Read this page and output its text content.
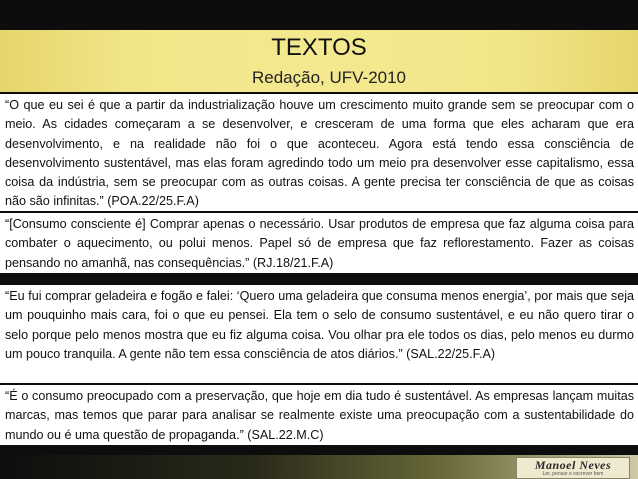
TEXTOS
Redação, UFV-2010
“O que eu sei é que a partir da industrialização houve um crescimento muito grande sem se preocupar com o meio. As cidades começaram a se desenvolver, e cresceram de uma forma que eles acharam que era desenvolvimento, e na realidade não foi o que aconteceu. Agora está tendo essa consciência de desenvolvimento sustentável, mas elas foram agredindo todo um meio pra desenvolver esse capitalismo, essa coisa da indústria, sem se preocupar com as outras coisas. A gente precisa ter consciência de que as coisas não são infinitas.” (POA.22/25.F.A)
“[Consumo consciente é] Comprar apenas o necessário. Usar produtos de empresa que faz alguma coisa para combater o aquecimento, ou polui menos. Papel só de empresa que faz reflorestamento. Fazer as coisas pensando no amanhã, nas consequências.” (RJ.18/21.F.A)
“Eu fui comprar geladeira e fogão e falei: ‘Quero uma geladeira que consuma menos energia’, por mais que seja um pouquinho mais cara, foi o que eu pensei. Ela tem o selo de consumo sustentável, e eu não quero tirar o selo porque pelo menos mostra que eu fiz alguma coisa. Vou olhar pra ele todos os dias, pelo menos eu durmo um pouco tranquila. A gente não tem essa consciência de atos diários.” (SAL.22/25.F.A)
“É o consumo preocupado com a preservação, que hoje em dia tudo é sustentável. As empresas lançam muitas marcas, mas temos que parar para analisar se realmente existe uma preocupação com a sustentabilidade do mundo ou é uma questão de propaganda.” (SAL.22.M.C)
Manoel Neves
Ler, pensar e escrever bem
